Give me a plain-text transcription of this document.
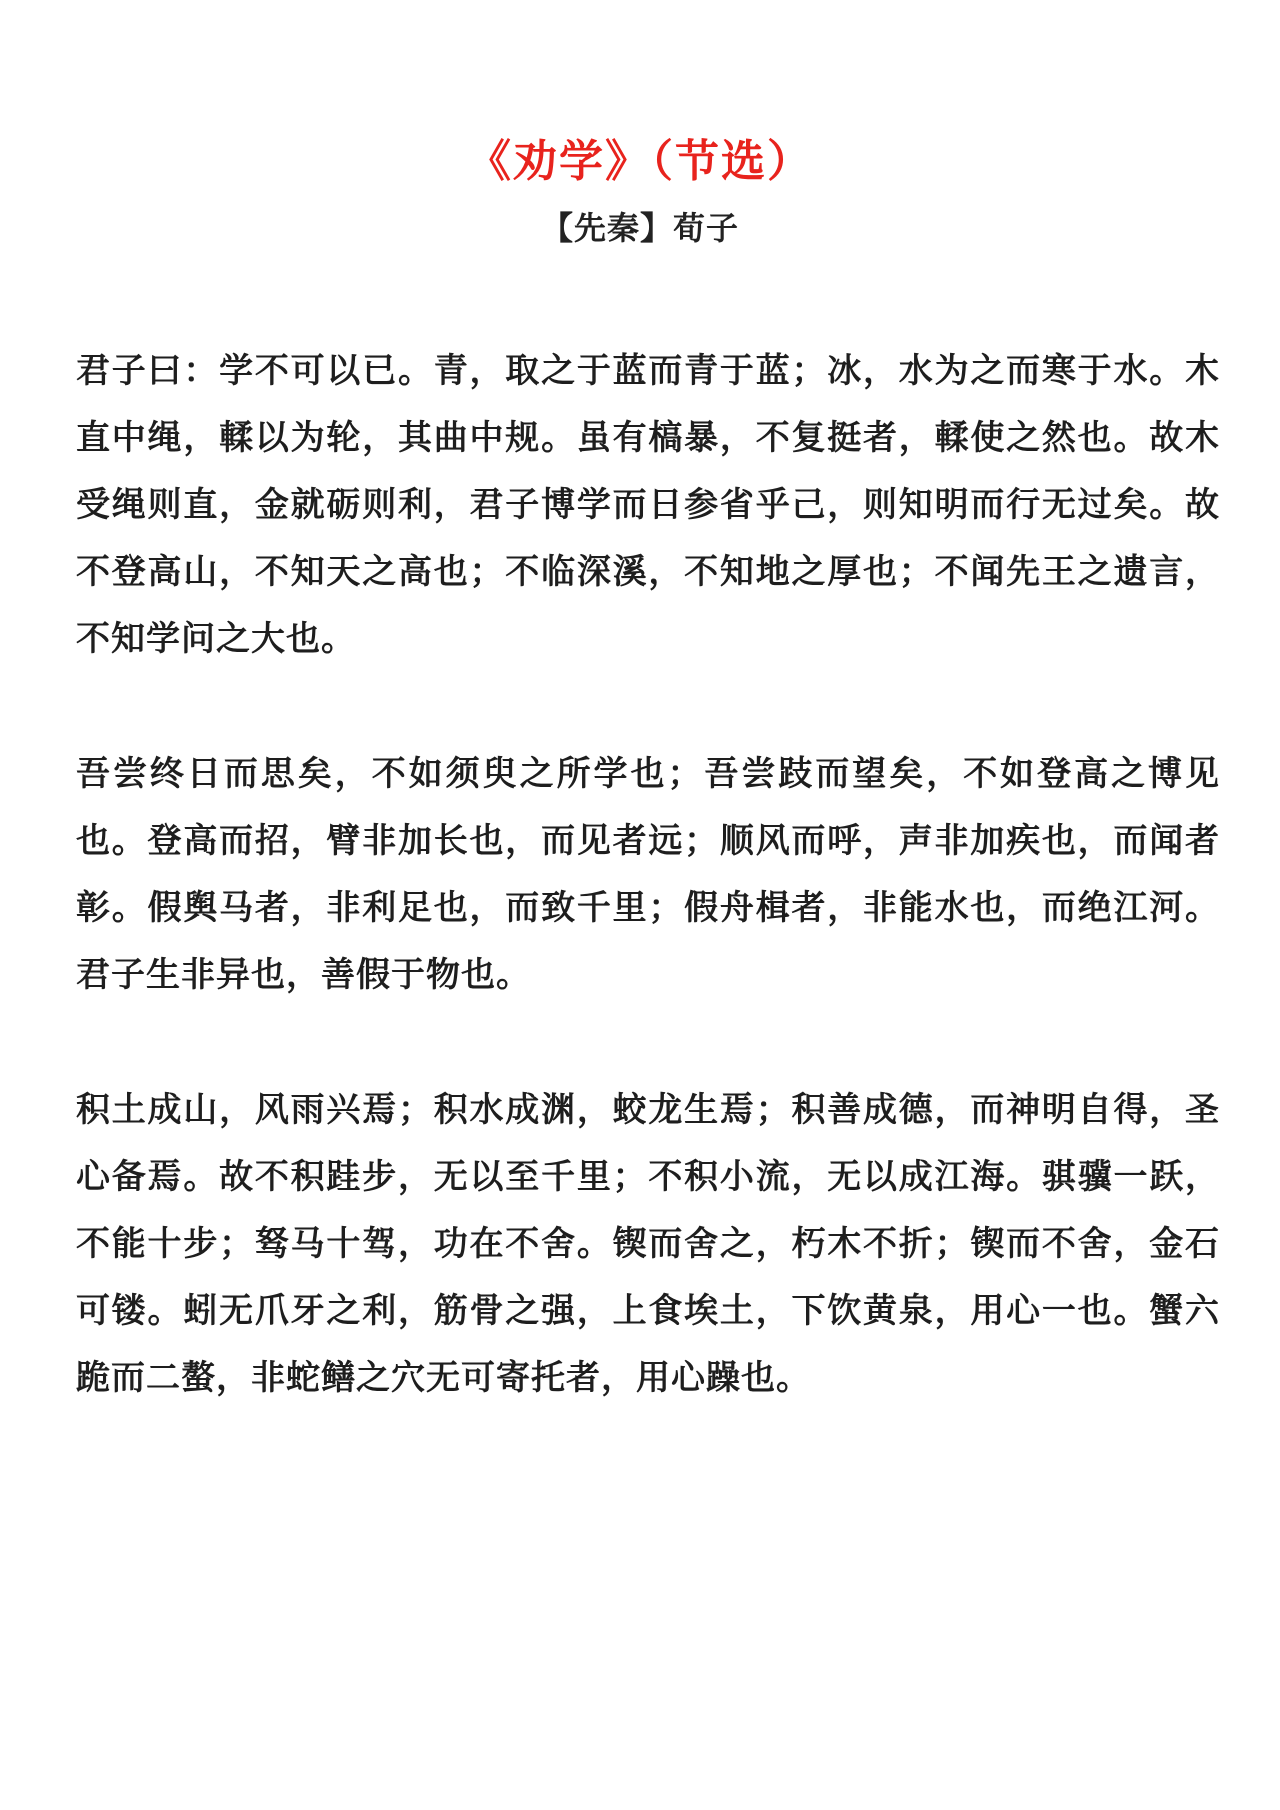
《劝学》（节选）
【先秦】荀子

君子曰：学不可以已。青，取之于蓝而青于蓝；冰，水为之而寒于水。木直中绳，輮以为轮，其曲中规。虽有槁暴，不复挺者，輮使之然也。故木受绳则直，金就砺则利，君子博学而日参省乎己，则知明而行无过矣。故不登高山，不知天之高也；不临深溪，不知地之厚也；不闻先王之遗言，不知学问之大也。

吾尝终日而思矣，不如须臾之所学也；吾尝跂而望矣，不如登高之博见也。登高而招，臂非加长也，而见者远；顺风而呼，声非加疾也，而闻者彰。假舆马者，非利足也，而致千里；假舟楫者，非能水也，而绝江河。君子生非异也，善假于物也。

积土成山，风雨兴焉；积水成渊，蛟龙生焉；积善成德，而神明自得，圣心备焉。故不积跬步，无以至千里；不积小流，无以成江海。骐骥一跃，不能十步；驽马十驾，功在不舍。锲而舍之，朽木不折；锲而不舍，金石可镂。蚓无爪牙之利，筋骨之强，上食埃土，下饮黄泉，用心一也。蟹六跪而二螯，非蛇鳝之穴无可寄托者，用心躁也。
